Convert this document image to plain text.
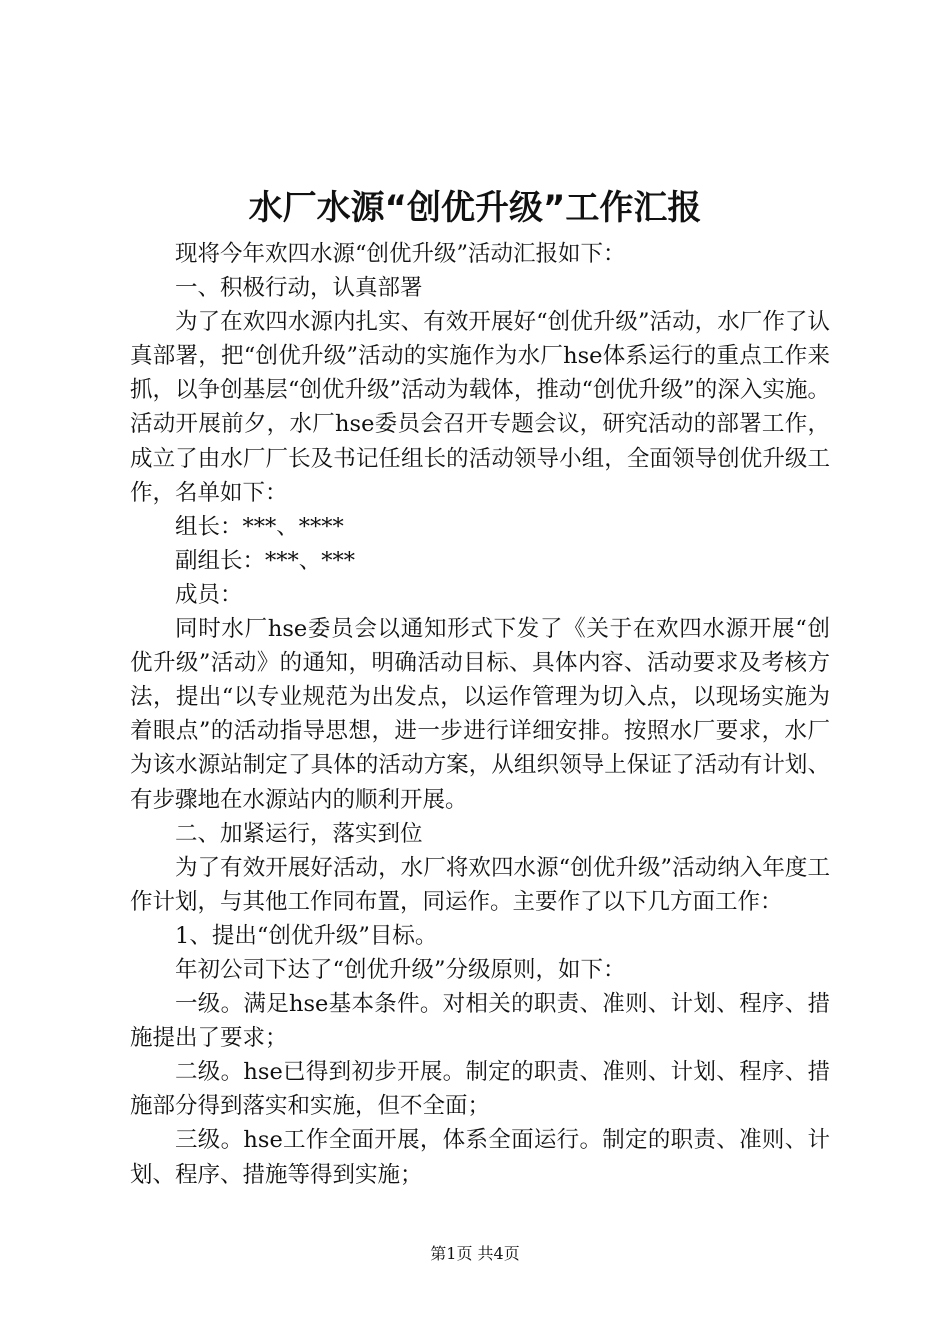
水厂水源“创优升级”工作汇报

现将今年欢四水源“创优升级”活动汇报如下：

一、积极行动，认真部署

为了在欢四水源内扎实、有效开展好“创优升级”活动，水厂作了认真部署，把“创优升级”活动的实施作为水厂hse体系运行的重点工作来抓，以争创基层“创优升级”活动为载体，推动“创优升级”的深入实施。活动开展前夕，水厂hse委员会召开专题会议，研究活动的部署工作，成立了由水厂厂长及书记任组长的活动领导小组，全面领导创优升级工作，名单如下：

组长：***、****

副组长：***、***

成员：

同时水厂hse委员会以通知形式下发了《关于在欢四水源开展“创优升级”活动》的通知，明确活动目标、具体内容、活动要求及考核方法，提出“以专业规范为出发点，以运作管理为切入点，以现场实施为着眼点”的活动指导思想，进一步进行详细安排。按照水厂要求，水厂为该水源站制定了具体的活动方案，从组织领导上保证了活动有计划、有步骤地在水源站内的顺利开展。

二、加紧运行，落实到位

为了有效开展好活动，水厂将欢四水源“创优升级”活动纳入年度工作计划，与其他工作同布置，同运作。主要作了以下几方面工作：

1、提出“创优升级”目标。

年初公司下达了“创优升级”分级原则，如下：

一级。满足hse基本条件。对相关的职责、准则、计划、程序、措施提出了要求；

二级。hse已得到初步开展。制定的职责、准则、计划、程序、措施部分得到落实和实施，但不全面；

三级。hse工作全面开展，体系全面运行。制定的职责、准则、计划、程序、措施等得到实施；

第1页 共4页
